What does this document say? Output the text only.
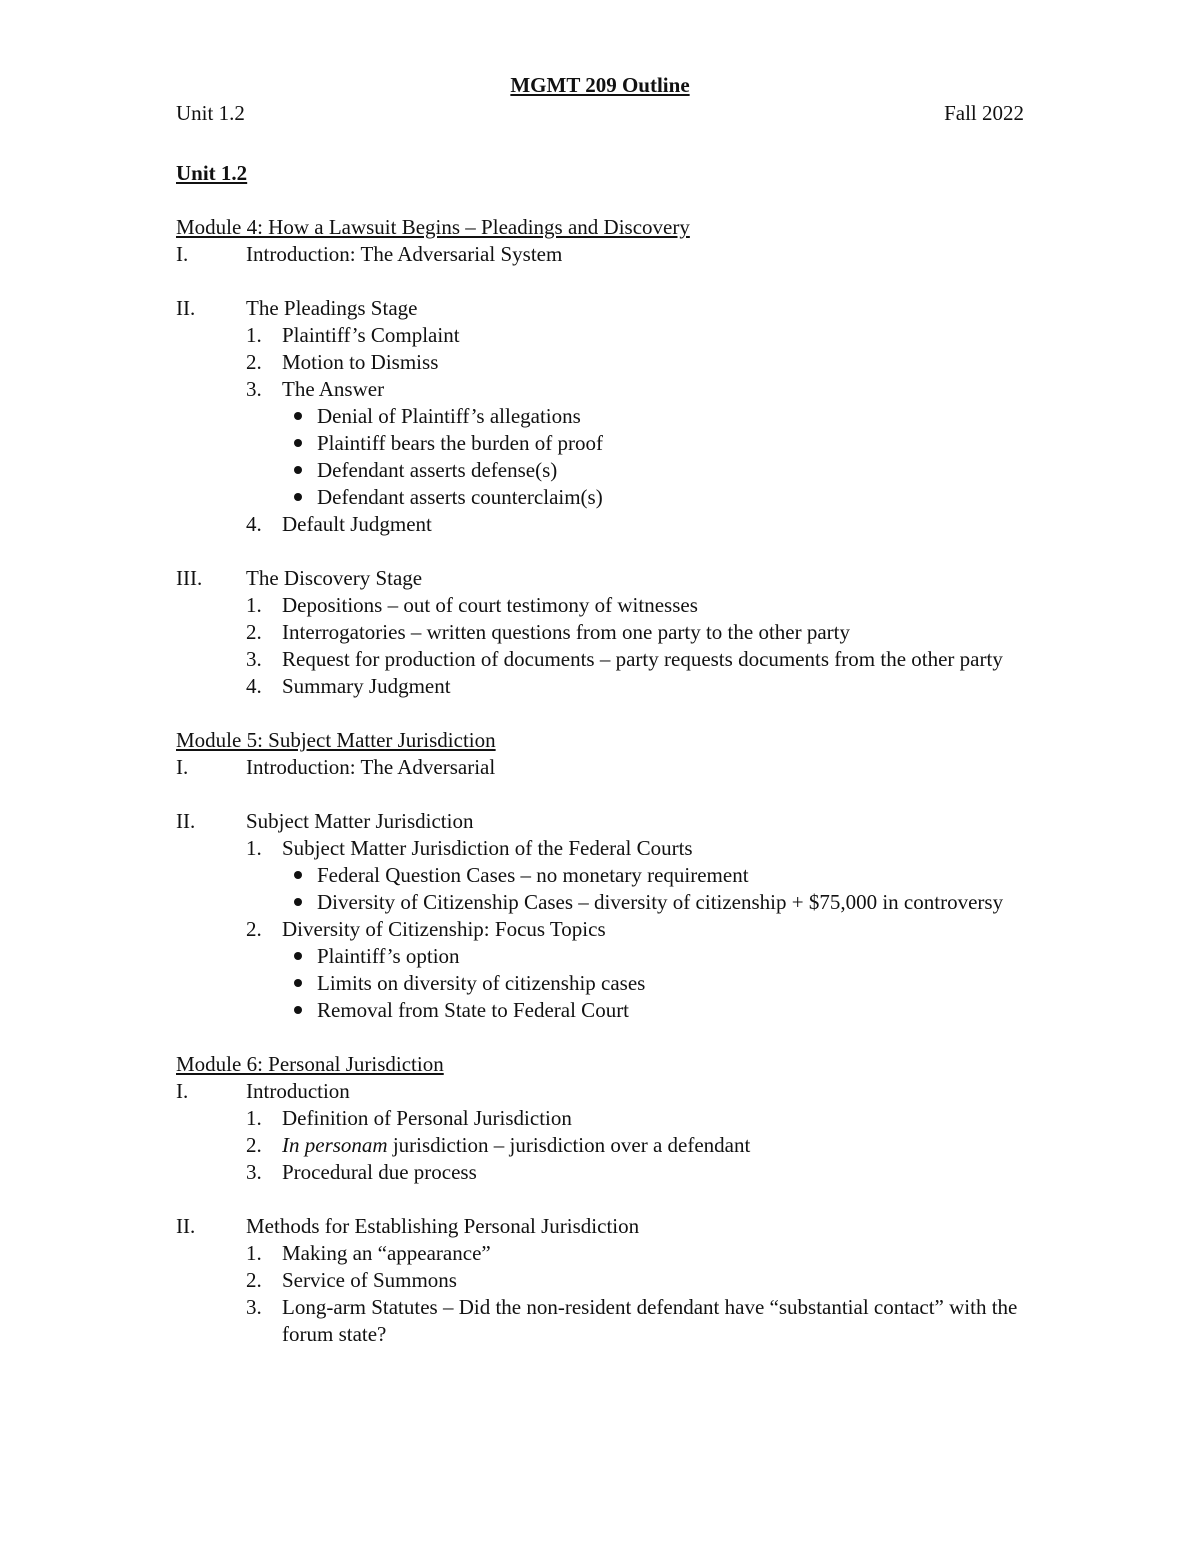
MGMT 209 Outline
Unit 1.2	Fall 2022
Unit 1.2
Module 4: How a Lawsuit Begins – Pleadings and Discovery
I.	Introduction: The Adversarial System
II.	The Pleadings Stage
1. Plaintiff’s Complaint
2. Motion to Dismiss
3. The Answer
Denial of Plaintiff’s allegations
Plaintiff bears the burden of proof
Defendant asserts defense(s)
Defendant asserts counterclaim(s)
4. Default Judgment
III.	The Discovery Stage
1. Depositions – out of court testimony of witnesses
2. Interrogatories – written questions from one party to the other party
3. Request for production of documents – party requests documents from the other party
4. Summary Judgment
Module 5: Subject Matter Jurisdiction
I.	Introduction: The Adversarial
II.	Subject Matter Jurisdiction
1. Subject Matter Jurisdiction of the Federal Courts
Federal Question Cases – no monetary requirement
Diversity of Citizenship Cases – diversity of citizenship + $75,000 in controversy
2. Diversity of Citizenship: Focus Topics
Plaintiff’s option
Limits on diversity of citizenship cases
Removal from State to Federal Court
Module 6: Personal Jurisdiction
I.	Introduction
1. Definition of Personal Jurisdiction
2. In personam jurisdiction – jurisdiction over a defendant
3. Procedural due process
II.	Methods for Establishing Personal Jurisdiction
1. Making an “appearance”
2. Service of Summons
3. Long-arm Statutes – Did the non-resident defendant have “substantial contact” with the forum state?
